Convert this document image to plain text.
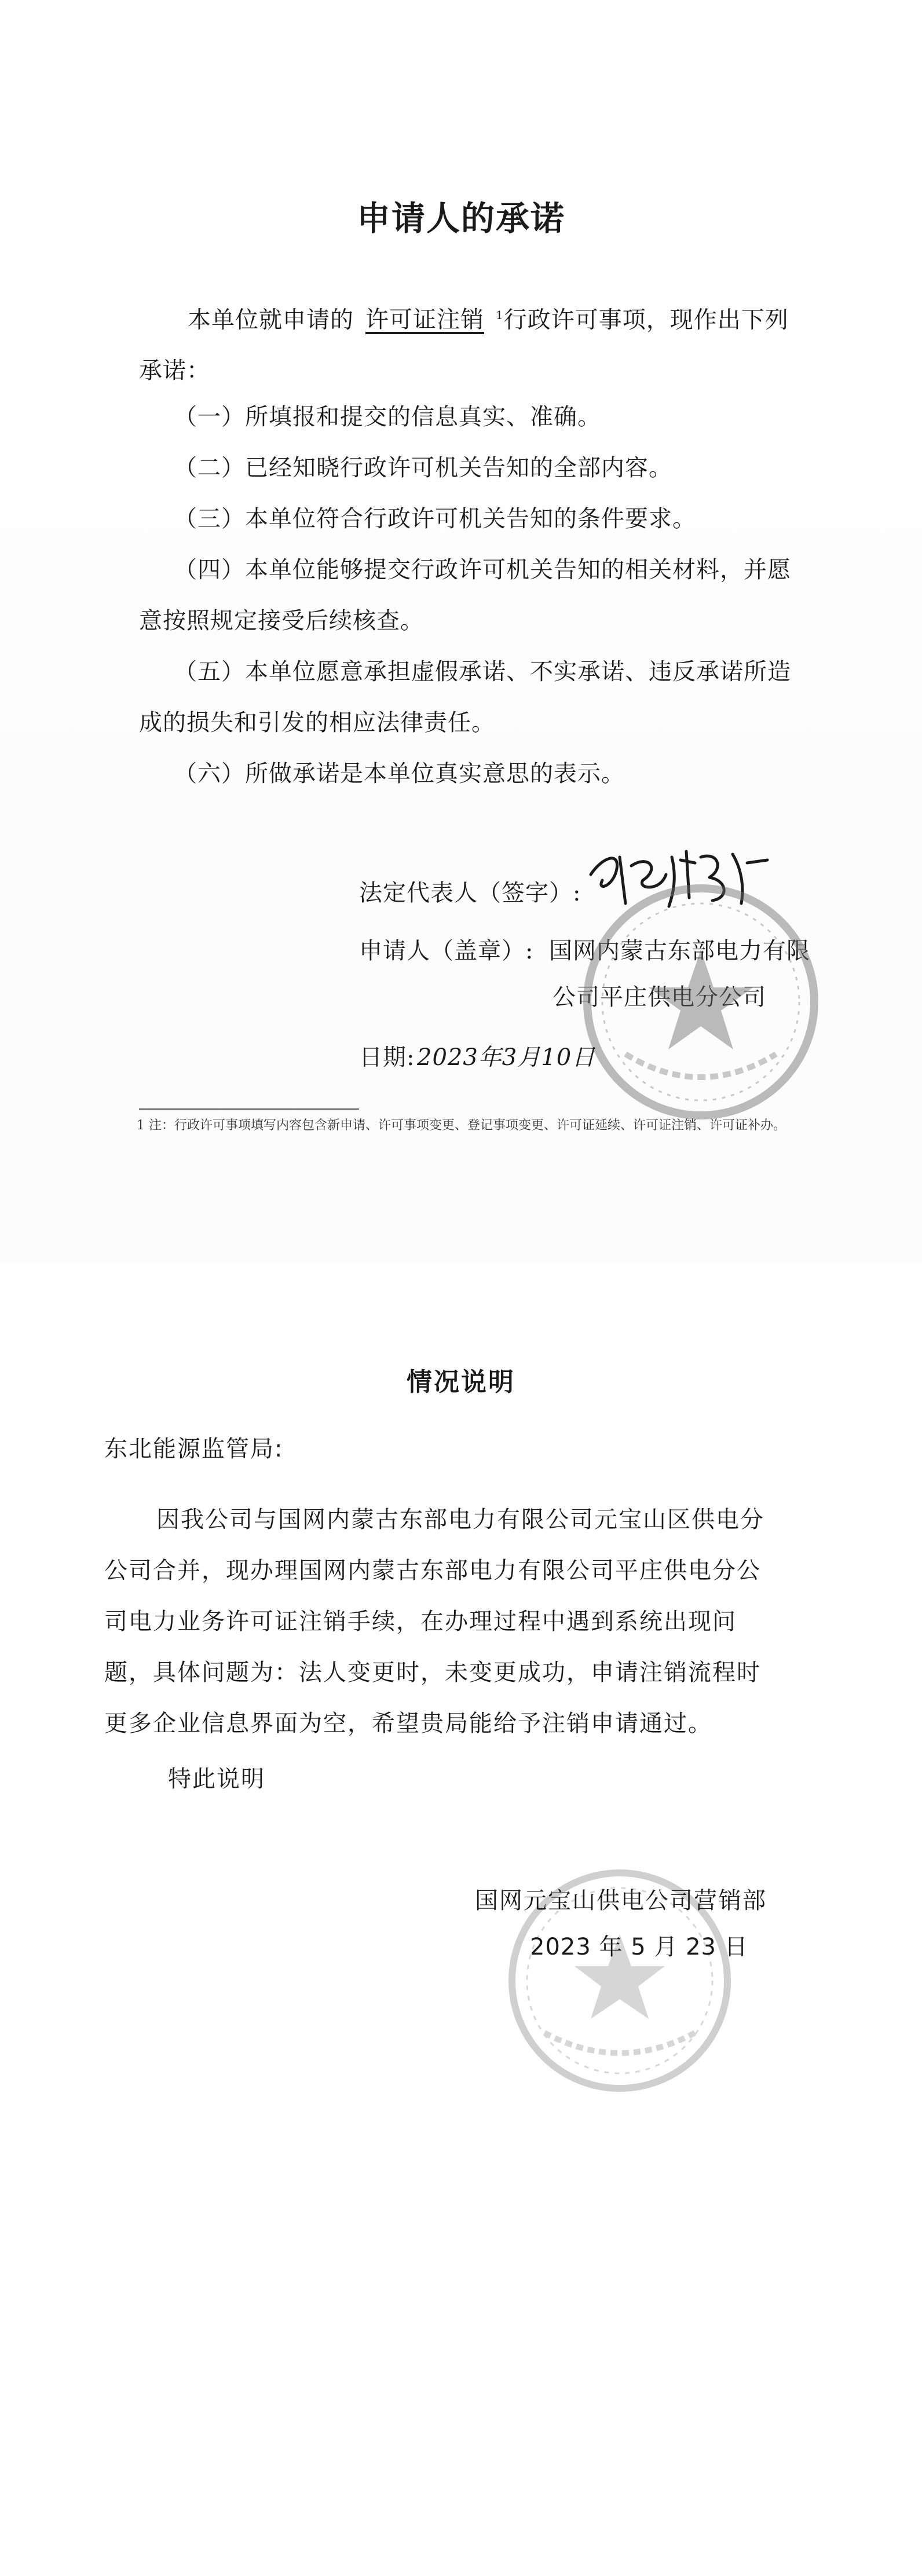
申请人的承诺
本单位就申请的 许可证注销 $^1$行政许可事项，现作出下列承诺：
（一）所填报和提交的信息真实、准确。
（二）已经知晓行政许可机关告知的全部内容。
（三）本单位符合行政许可机关告知的条件要求。
（四）本单位能够提交行政许可机关告知的相关材料，并愿意按照规定接受后续核查。
（五）本单位愿意承担虚假承诺、不实承诺、违反承诺所造成的损失和引发的相应法律责任。
（六）所做承诺是本单位真实意思的表示。
法定代表人（签字）:
申请人（盖章）: 国网内蒙古东部电力有限
公司平庄供电分公司
日期: 2023年3月10日
1 注：行政许可事项填写内容包含新申请、许可事项变更、登记事项变更、许可证延续、许可证注销、许可证补办。
情况说明
东北能源监管局:
因我公司与国网内蒙古东部电力有限公司元宝山区供电分公司合并，现办理国网内蒙古东部电力有限公司平庄供电分公司电力业务许可证注销手续，在办理过程中遇到系统出现问题，具体问题为：法人变更时，未变更成功，申请注销流程时更多企业信息界面为空，希望贵局能给予注销申请通过。
特此说明
国网元宝山供电公司营销部
2023 年 5 月 23 日
